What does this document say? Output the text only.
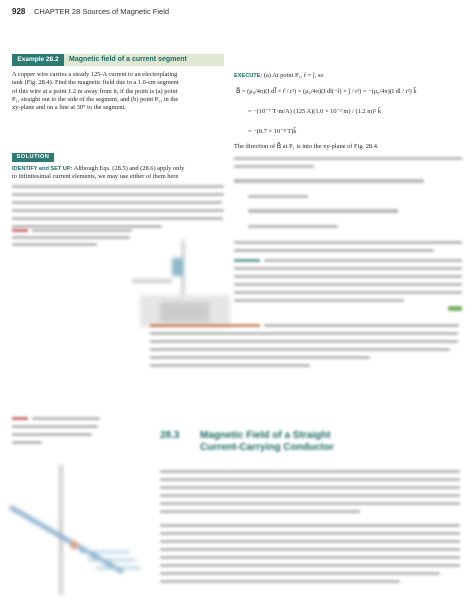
928 CHAPTER 28 Sources of Magnetic Field
Example 28.2	Magnetic field of a current segment
A copper wire carries a steady 125-A current to an electroplating
tank (Fig. 28.4). Find the magnetic field due to a 1.0-cm segment
of this wire at a point 1.2 m away from it, if the point is (a) point
P₁, straight out to the side of the segment, and (b) point P₂, in the
xy-plane and on a line at 30° to the segment.
SOLUTION
IDENTIFY and SET UP: Although Eqs. (28.5) and (28.6) apply only
to infinitesimal current elements, we may use either of them here
EXECUTE: (a) At point P₁, r̂ = ĵ, so
B⃗ = (μ₀/4π)(I dl⃗ × r̂ / r²) = (μ₀/4π)(I dl(−î) × ĵ / r²) = −(μ₀/4π)(I dl / r²) k̂
= −(10⁻⁷ T·m/A) (125 A)(1.0 × 10⁻² m) / (1.2 m)² k̂
= −(8.7 × 10⁻⁸ T)k̂
The direction of B⃗ at P₁ is into the xy-plane of Fig. 28.4.
28.3 Magnetic Field of a Straight
Current-Carrying Conductor
